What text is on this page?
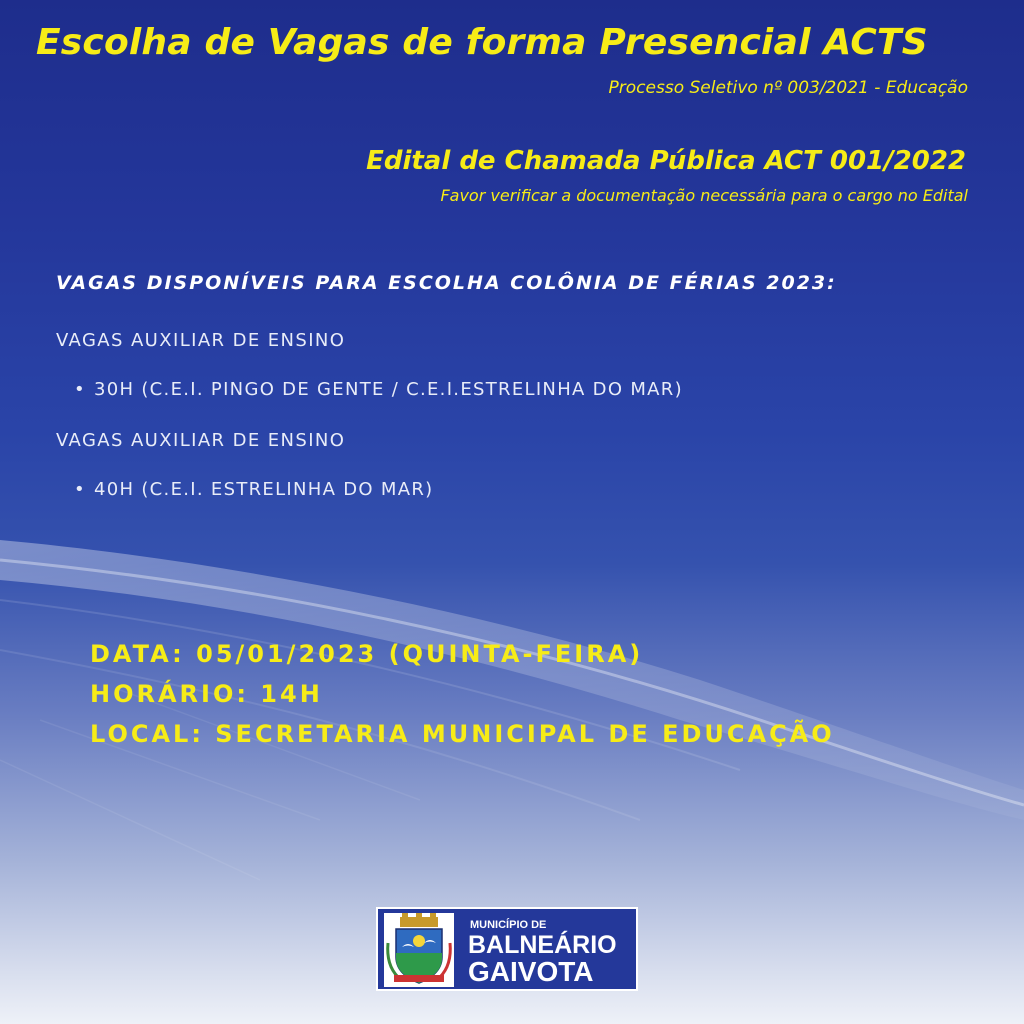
Escolha de Vagas de forma Presencial ACTS
Processo Seletivo nº 003/2021 - Educação
Edital de Chamada Pública ACT 001/2022
Favor verificar a documentação necessária para o cargo no Edital
VAGAS DISPONÍVEIS PARA ESCOLHA COLÔNIA DE FÉRIAS 2023:
VAGAS AUXILIAR DE ENSINO
• 30H (C.E.I. PINGO DE GENTE / C.E.I.ESTRELINHA DO MAR)
VAGAS AUXILIAR DE ENSINO
• 40H (C.E.I. ESTRELINHA DO MAR)
DATA: 05/01/2023 (QUINTA-FEIRA)
HORÁRIO: 14H
LOCAL: SECRETARIA MUNICIPAL DE EDUCAÇÃO
MUNICÍPIO DE
BALNEÁRIO
GAIVOTA
